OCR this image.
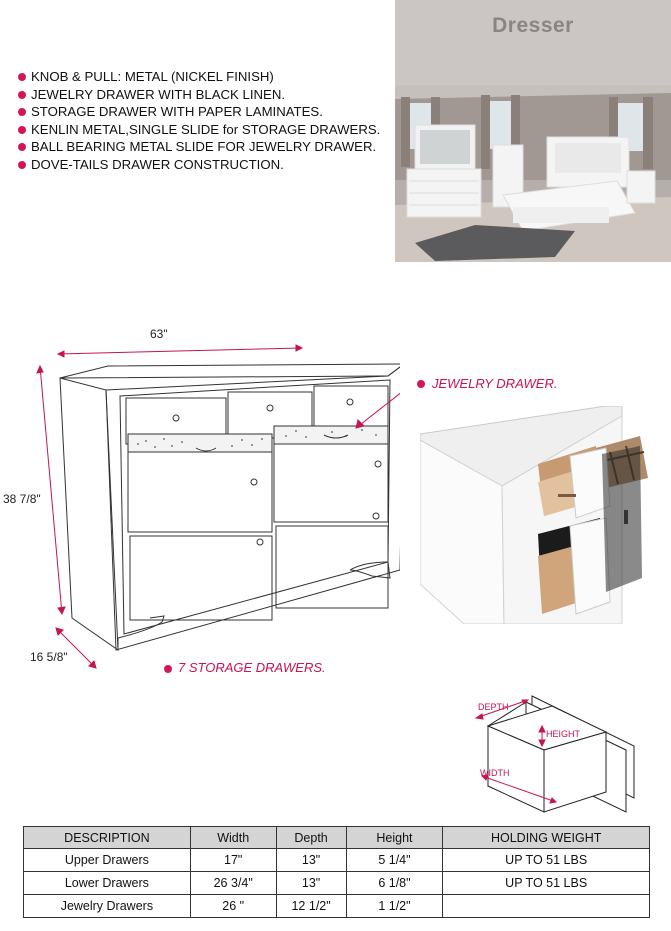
Dresser
KNOB & PULL: METAL (NICKEL FINISH)
JEWELRY DRAWER WITH BLACK LINEN.
STORAGE DRAWER WITH PAPER LAMINATES.
KENLIN METAL,SINGLE SLIDE for STORAGE DRAWERS.
BALL BEARING METAL SLIDE FOR JEWELRY DRAWER.
DOVE-TAILS DRAWER CONSTRUCTION.
63"
38 7/8"
16 5/8"
JEWELRY DRAWER.
7 STORAGE DRAWERS.
DEPTH
HEIGHT
WIDTH
DESCRIPTION	Width	Depth	Height	HOLDING WEIGHT
Upper Drawers	17"	13"	5 1/4"	UP TO 51 LBS
Lower Drawers	26 3/4"	13"	6 1/8"	UP TO 51 LBS
Jewelry Drawers	26 "	12 1/2"	1 1/2"	
